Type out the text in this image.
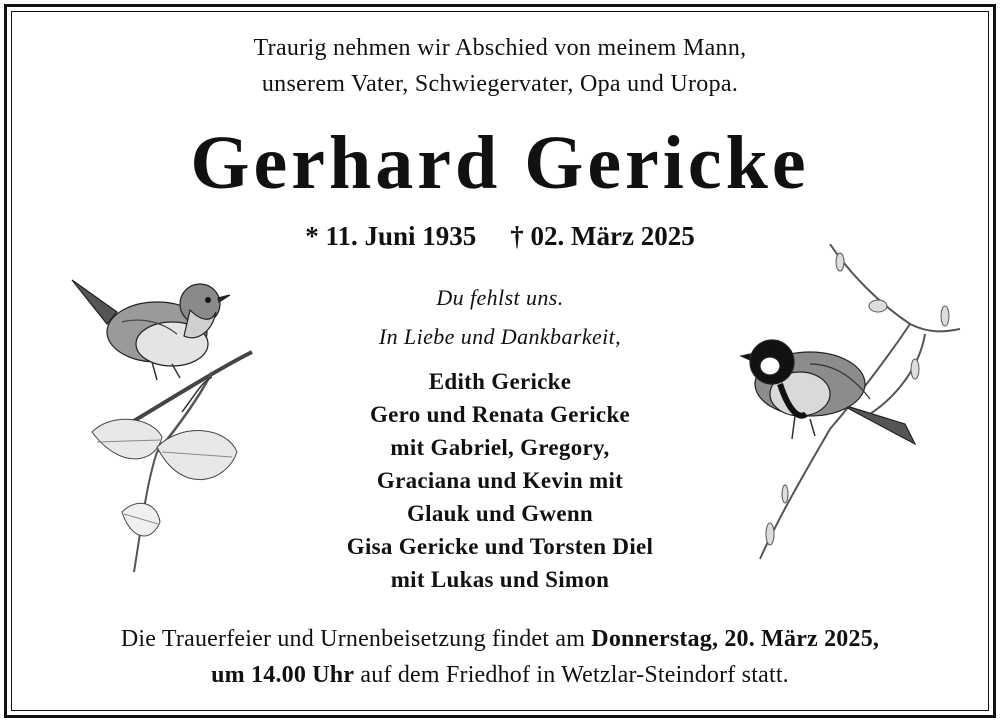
Traurig nehmen wir Abschied von meinem Mann,
unserem Vater, Schwiegervater, Opa und Uropa.
Gerhard Gericke
* 11. Juni 1935 † 02. März 2025
Du fehlst uns.
In Liebe und Dankbarkeit,
Edith Gericke
Gero und Renata Gericke
mit Gabriel, Gregory,
Graciana und Kevin mit
Glauk und Gwenn
Gisa Gericke und Torsten Diel
mit Lukas und Simon
Die Trauerfeier und Urnenbeisetzung findet am Donnerstag, 20. März 2025,
um 14.00 Uhr auf dem Friedhof in Wetzlar-Steindorf statt.
